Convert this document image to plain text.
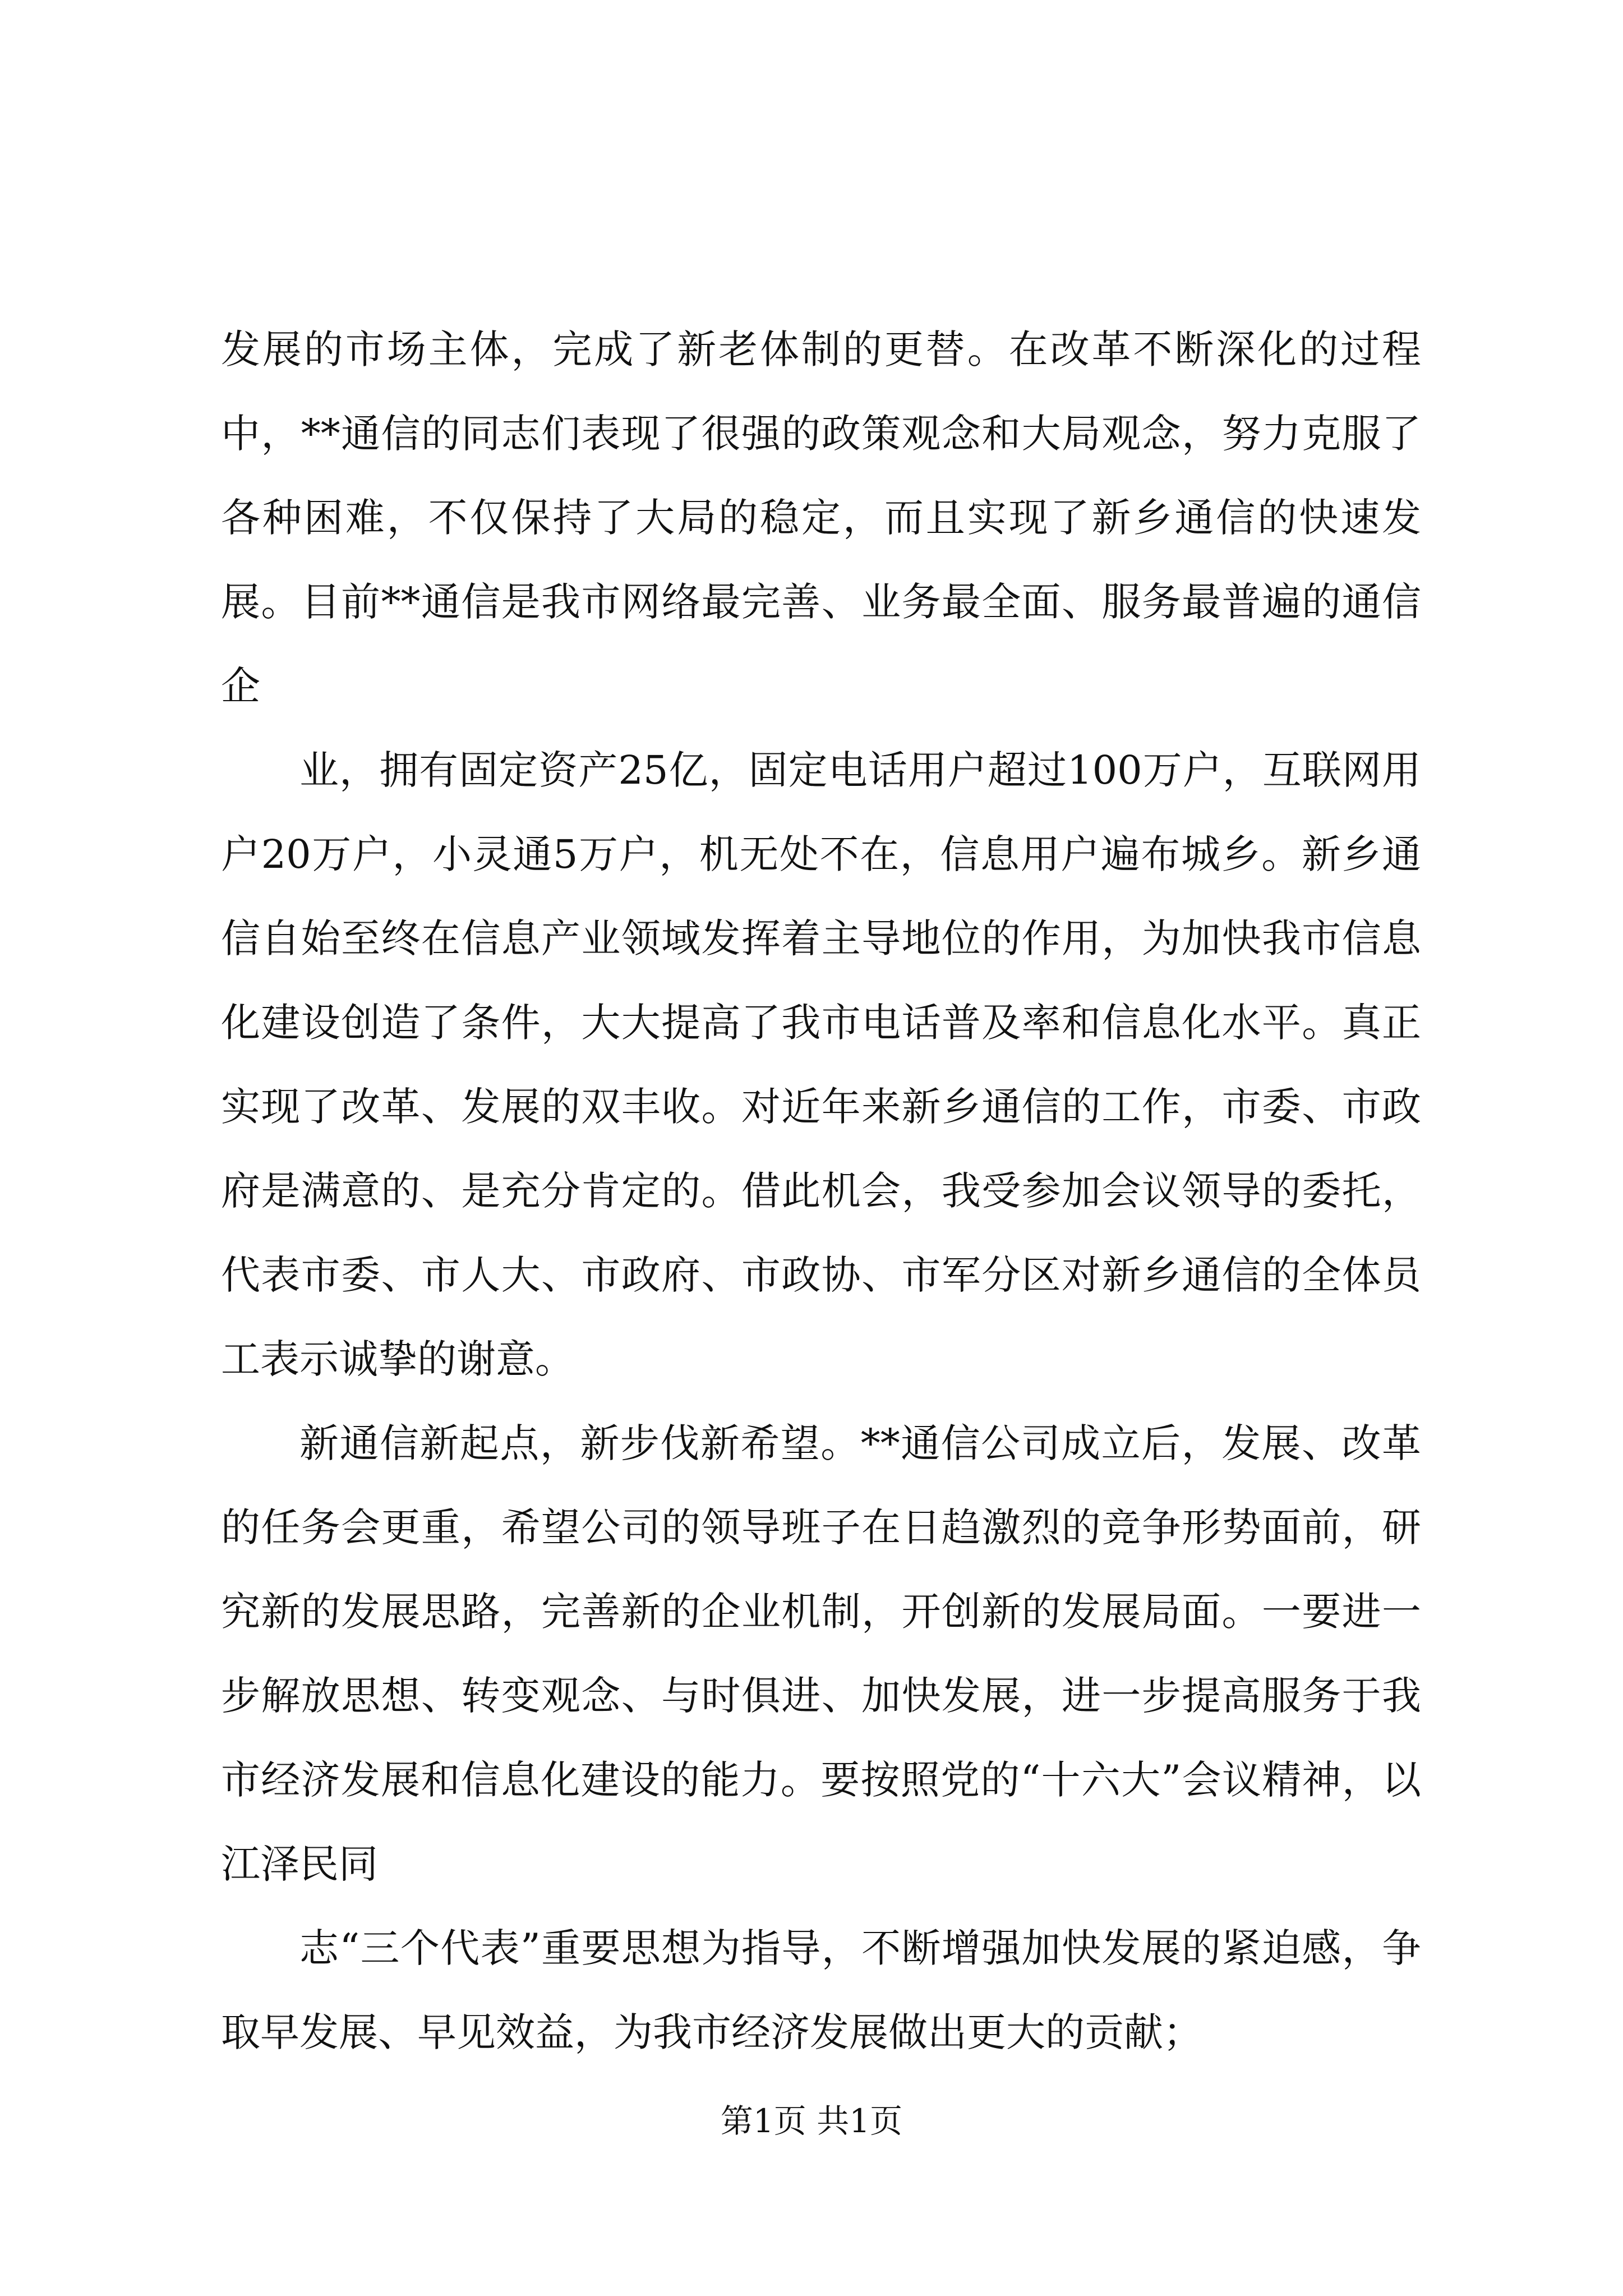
发展的市场主体，完成了新老体制的更替。在改革不断深化的过程中，**通信的同志们表现了很强的政策观念和大局观念，努力克服了各种困难，不仅保持了大局的稳定，而且实现了新乡通信的快速发展。目前**通信是我市网络最完善、业务最全面、服务最普遍的通信企

业，拥有固定资产25亿，固定电话用户超过100万户，互联网用户20万户，小灵通5万户，机无处不在，信息用户遍布城乡。新乡通信自始至终在信息产业领域发挥着主导地位的作用，为加快我市信息化建设创造了条件，大大提高了我市电话普及率和信息化水平。真正实现了改革、发展的双丰收。对近年来新乡通信的工作，市委、市政府是满意的、是充分肯定的。借此机会，我受参加会议领导的委托，代表市委、市人大、市政府、市政协、市军分区对新乡通信的全体员工表示诚挚的谢意。

新通信新起点，新步伐新希望。**通信公司成立后，发展、改革的任务会更重，希望公司的领导班子在日趋激烈的竞争形势面前，研究新的发展思路，完善新的企业机制，开创新的发展局面。一要进一步解放思想、转变观念、与时俱进、加快发展，进一步提高服务于我市经济发展和信息化建设的能力。要按照党的“十六大”会议精神，以江泽民同

志“三个代表”重要思想为指导，不断增强加快发展的紧迫感，争取早发展、早见效益，为我市经济发展做出更大的贡献；

第1页 共1页
